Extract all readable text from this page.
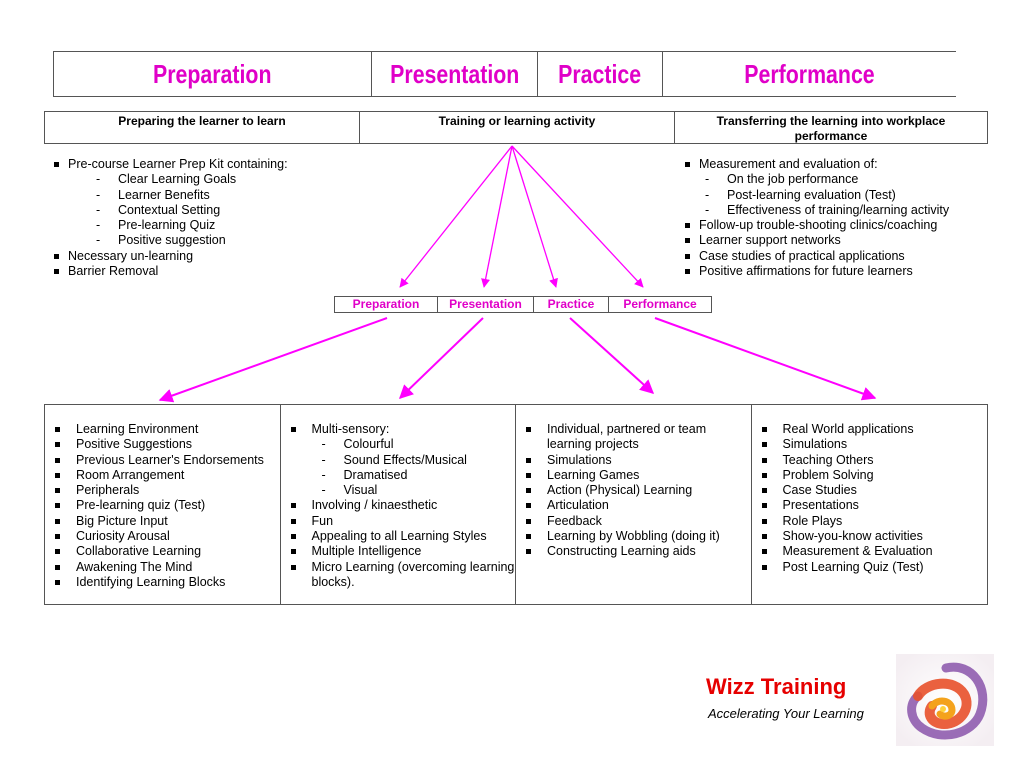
Preparation	Presentation Practice	Performance
Preparing the learner to learn	Training or learning activity	Transferring the learning into workplace performance
Pre-course Learner Prep Kit containing:
- Clear Learning Goals
- Learner Benefits
- Contextual Setting
- Pre-learning Quiz
- Positive suggestion
Necessary un-learning
Barrier Removal
Measurement and evaluation of:
- On the job performance
- Post-learning evaluation (Test)
- Effectiveness of training/learning activity
Follow-up trouble-shooting clinics/coaching
Learner support networks
Case studies of practical applications
Positive affirmations for future learners
Preparation	Presentation	Practice	Performance
Learning Environment
Positive Suggestions
Previous Learner's Endorsements
Room Arrangement
Peripherals
Pre-learning quiz (Test)
Big Picture Input
Curiosity Arousal
Collaborative Learning
Awakening The Mind
Identifying Learning Blocks
Multi-sensory:
- Colourful
- Sound Effects/Musical
- Dramatised
- Visual
Involving / kinaesthetic
Fun
Appealing to all Learning Styles
Multiple Intelligence
Micro Learning (overcoming learning blocks).
Individual, partnered or team learning projects
Simulations
Learning Games
Action (Physical) Learning
Articulation
Feedback
Learning by Wobbling (doing it)
Constructing Learning aids
Real World applications
Simulations
Teaching Others
Problem Solving
Case Studies
Presentations
Role Plays
Show-you-know activities
Measurement & Evaluation
Post Learning Quiz (Test)
Wizz Training
Accelerating Your Learning
